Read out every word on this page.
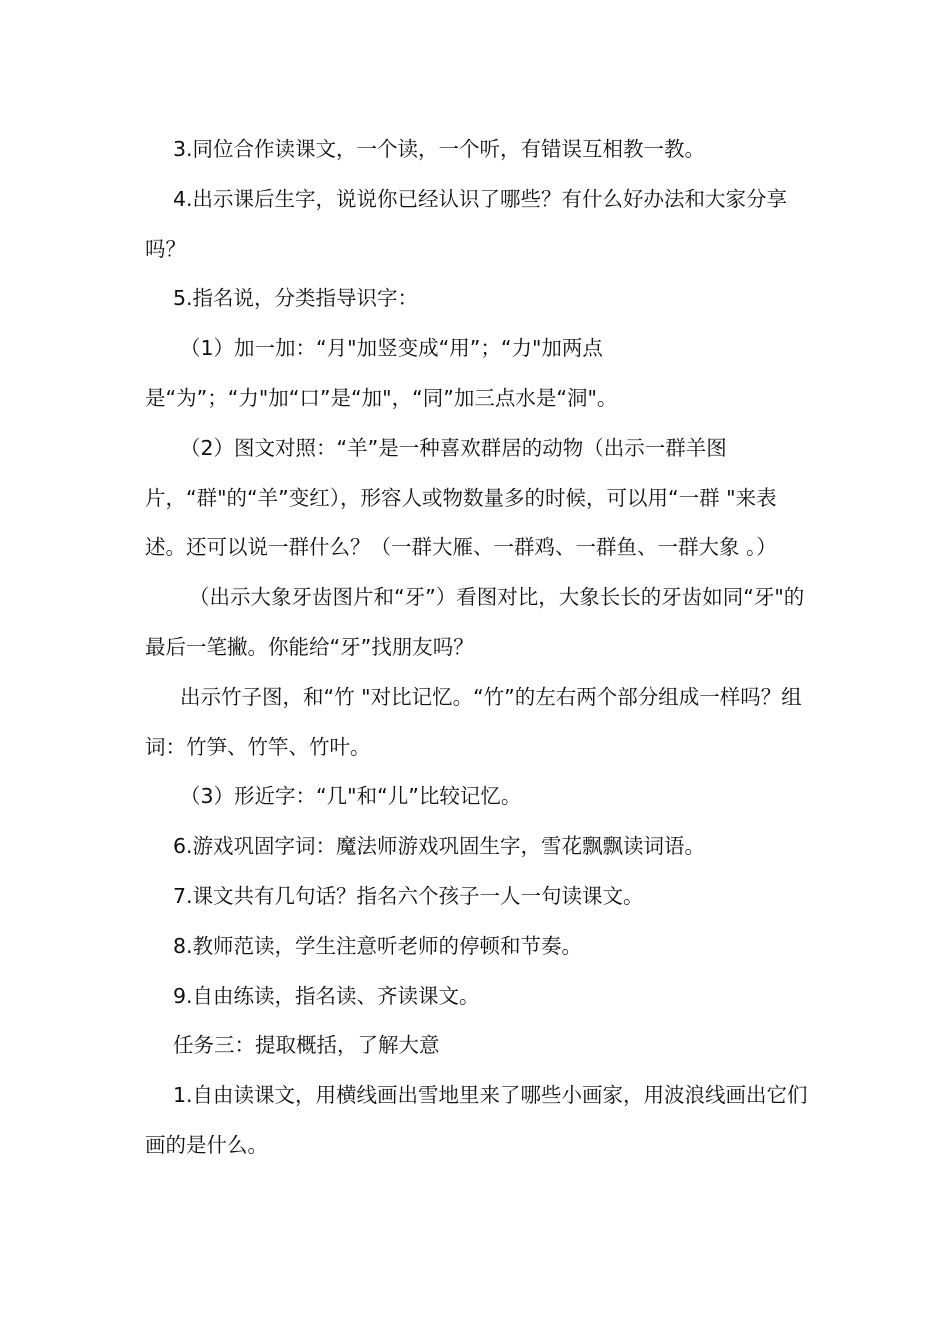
3.同位合作读课文，一个读，一个听，有错误互相教一教。

4.出示课后生字，说说你已经认识了哪些？有什么好办法和大家分享吗？

5.指名说，分类指导识字：

（1）加一加：“月"加竖变成“用”；“力"加两点是“为”；“力"加“口”是“加"，“同”加三点水是“洞"。

（2）图文对照：“羊”是一种喜欢群居的动物（出示一群羊图片，“群"的“羊”变红），形容人或物数量多的时候，可以用“一群 "来表述。还可以说一群什么？（一群大雁、一群鸡、一群鱼、一群大象 。）

（出示大象牙齿图片和“牙”）看图对比，大象长长的牙齿如同“牙"的最后一笔撇。你能给“牙”找朋友吗？

出示竹子图，和“竹 "对比记忆。“竹”的左右两个部分组成一样吗？组词：竹笋、竹竿、竹叶。

（3）形近字：“几"和“儿”比较记忆。

6.游戏巩固字词：魔法师游戏巩固生字，雪花飘飘读词语。

7.课文共有几句话？指名六个孩子一人一句读课文。

8.教师范读，学生注意听老师的停顿和节奏。

9.自由练读，指名读、齐读课文。

任务三：提取概括，了解大意

1.自由读课文，用横线画出雪地里来了哪些小画家，用波浪线画出它们画的是什么。
